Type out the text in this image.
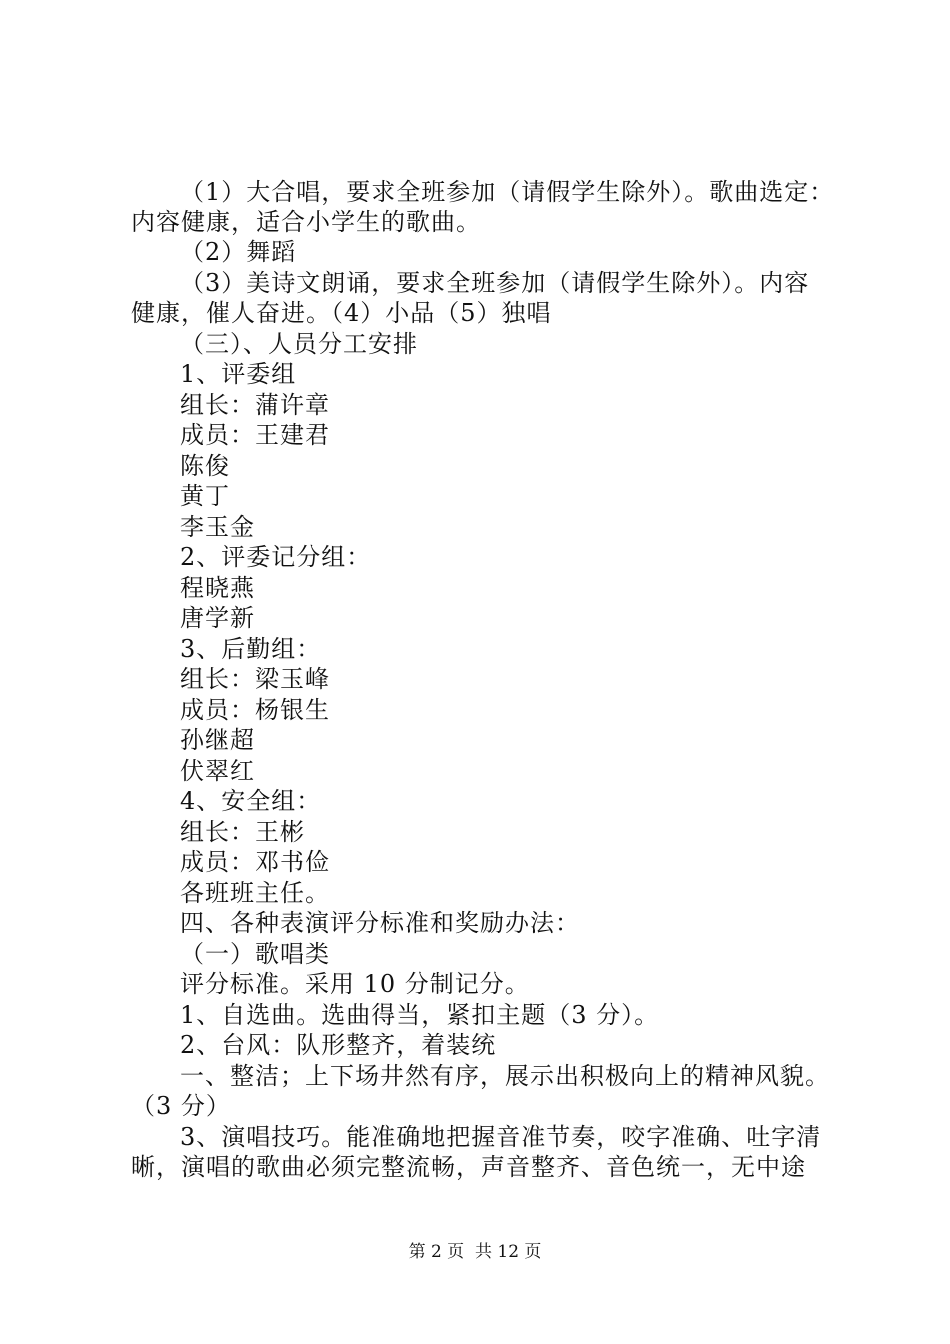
（1）大合唱，要求全班参加（请假学生除外）。歌曲选定：
内容健康，适合小学生的歌曲。
（2）舞蹈
（3）美诗文朗诵，要求全班参加（请假学生除外）。内容
健康，催人奋进。（4）小品（5）独唱
（三）、人员分工安排
1、评委组
组长：蒲许章
成员：王建君
陈俊
黄丁
李玉金
2、评委记分组：
程晓燕
唐学新
3、后勤组：
组长：梁玉峰
成员：杨银生
孙继超
伏翠红
4、安全组：
组长：王彬
成员：邓书俭
各班班主任。
四、各种表演评分标准和奖励办法：
（一）歌唱类
评分标准。采用 10 分制记分。
1、自选曲。选曲得当，紧扣主题（3 分）。
2、台风：队形整齐，着装统
一、整洁；上下场井然有序，展示出积极向上的精神风貌。
（3 分）
3、演唱技巧。能准确地把握音准节奏，咬字准确、吐字清
晰，演唱的歌曲必须完整流畅，声音整齐、音色统一，无中途
第 2 页  共 12 页
